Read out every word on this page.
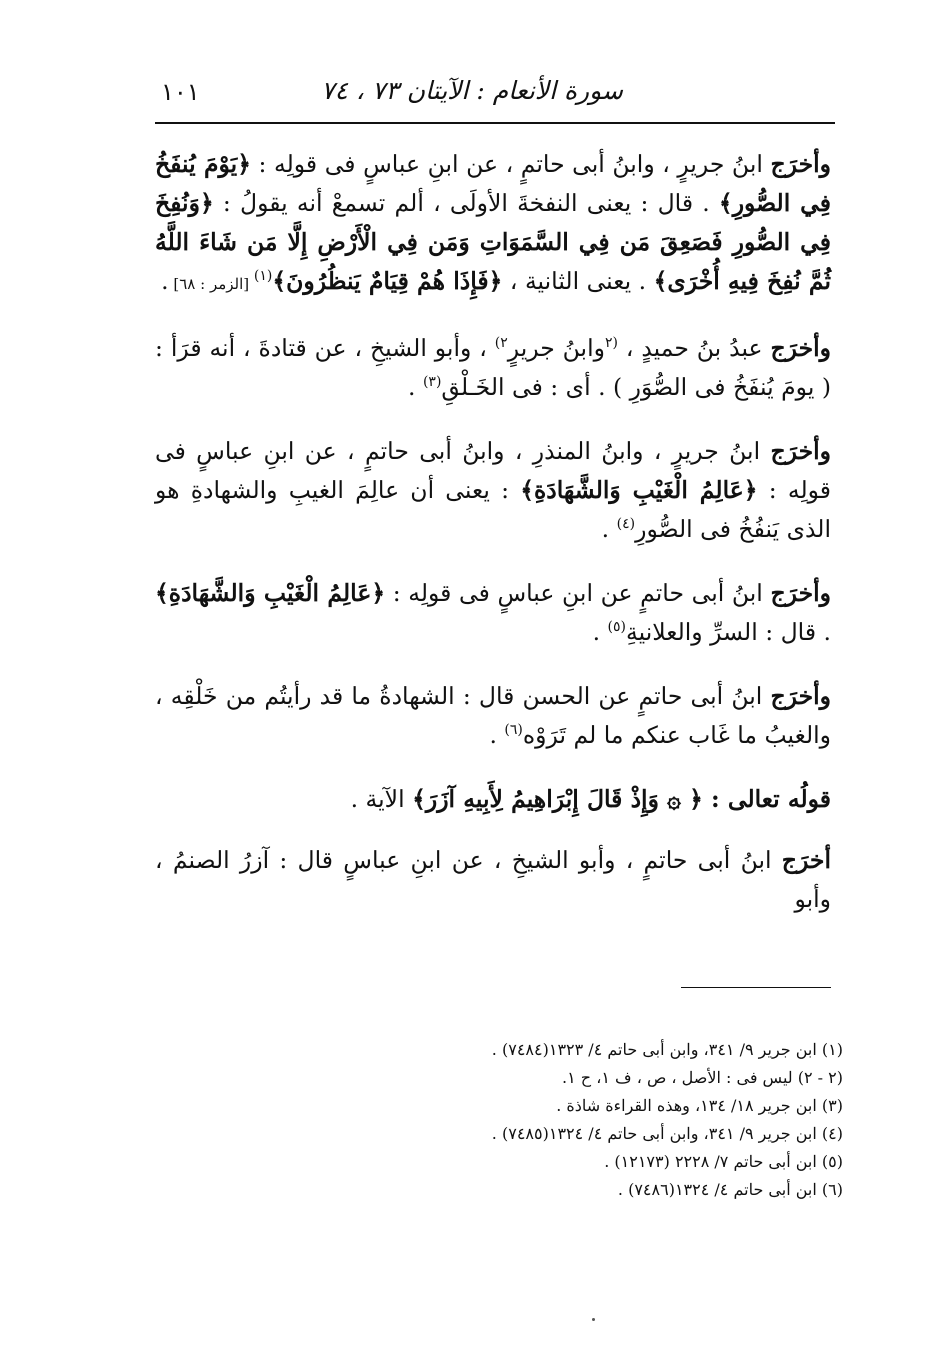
سورة الأنعام : الآيتان ٧٣ ، ٧٤
١٠١

وأخرَج ابنُ جريرٍ ، وابنُ أبى حاتمٍ ، عن ابنِ عباسٍ فى قولِه : ﴿يَوْمَ يُنفَخُ فِي الصُّورِ﴾ . قال : يعنى النفخةَ الأولَى ، ألم تسمعْ أنه يقولُ : ﴿وَنُفِخَ فِي الصُّورِ فَصَعِقَ مَن فِي السَّمَوَاتِ وَمَن فِي الْأَرْضِ إِلَّا مَن شَاءَ اللَّهُ ثُمَّ نُفِخَ فِيهِ أُخْرَى﴾ . يعنى الثانية ، ﴿فَإِذَا هُمْ قِيَامٌ يَنظُرُونَ﴾$^{(١)}$ [الزمر : ٦٨] .

وأخرَج عبدُ بنُ حميدٍ ، $^{(٢}$وابنُ جريرٍ$^{٢)}$ ، وأبو الشيخِ ، عن قتادةَ ، أنه قرَأ : ( يومَ يُنفَخُ فى الصُّوَرِ ) . أى : فى الخَـلْقِ$^{(٣)}$ .

وأخرَج ابنُ جريرٍ ، وابنُ المنذرِ ، وابنُ أبى حاتمٍ ، عن ابنِ عباسٍ فى قولِه : ﴿عَالِمُ الْغَيْبِ وَالشَّهَادَةِ﴾ : يعنى أن عالِمَ الغيبِ والشهادةِ هو الذى يَنفُخُ فى الصُّورِ$^{(٤)}$ .

وأخرَج ابنُ أبى حاتمٍ عن ابنِ عباسٍ فى قولِه : ﴿عَالِمُ الْغَيْبِ وَالشَّهَادَةِ﴾ . قال : السرِّ والعلانيةِ$^{(٥)}$ .

وأخرَج ابنُ أبى حاتمٍ عن الحسن قال : الشهادةُ ما قد رأيتُم من خَلْقِه ، والغيبُ ما غَاب عنكم ما لم تَرَوْه$^{(٦)}$ .

قولُه تعالى : ﴿ ۞ وَإِذْ قَالَ إِبْرَاهِيمُ لِأَبِيهِ آزَرَ﴾ الآية .

أخرَج ابنُ أبى حاتمٍ ، وأبو الشيخِ ، عن ابنِ عباسٍ قال : آزرُ الصنمُ ، وأبو

(١) ابن جرير ٩/ ٣٤١، وابن أبى حاتم ٤/ ١٣٢٣(٧٤٨٤) .

(٢ - ٢) ليس فى : الأصل ، ص ، ف ١، ح ١.

(٣) ابن جرير ١٨/ ١٣٤، وهذه القراءة شاذة .

(٤) ابن جرير ٩/ ٣٤١، وابن أبى حاتم ٤/ ١٣٢٤(٧٤٨٥) .

(٥) ابن أبى حاتم ٧/ ٢٢٢٨ (١٢١٧٣) .

(٦) ابن أبى حاتم ٤/ ١٣٢٤(٧٤٨٦) .
